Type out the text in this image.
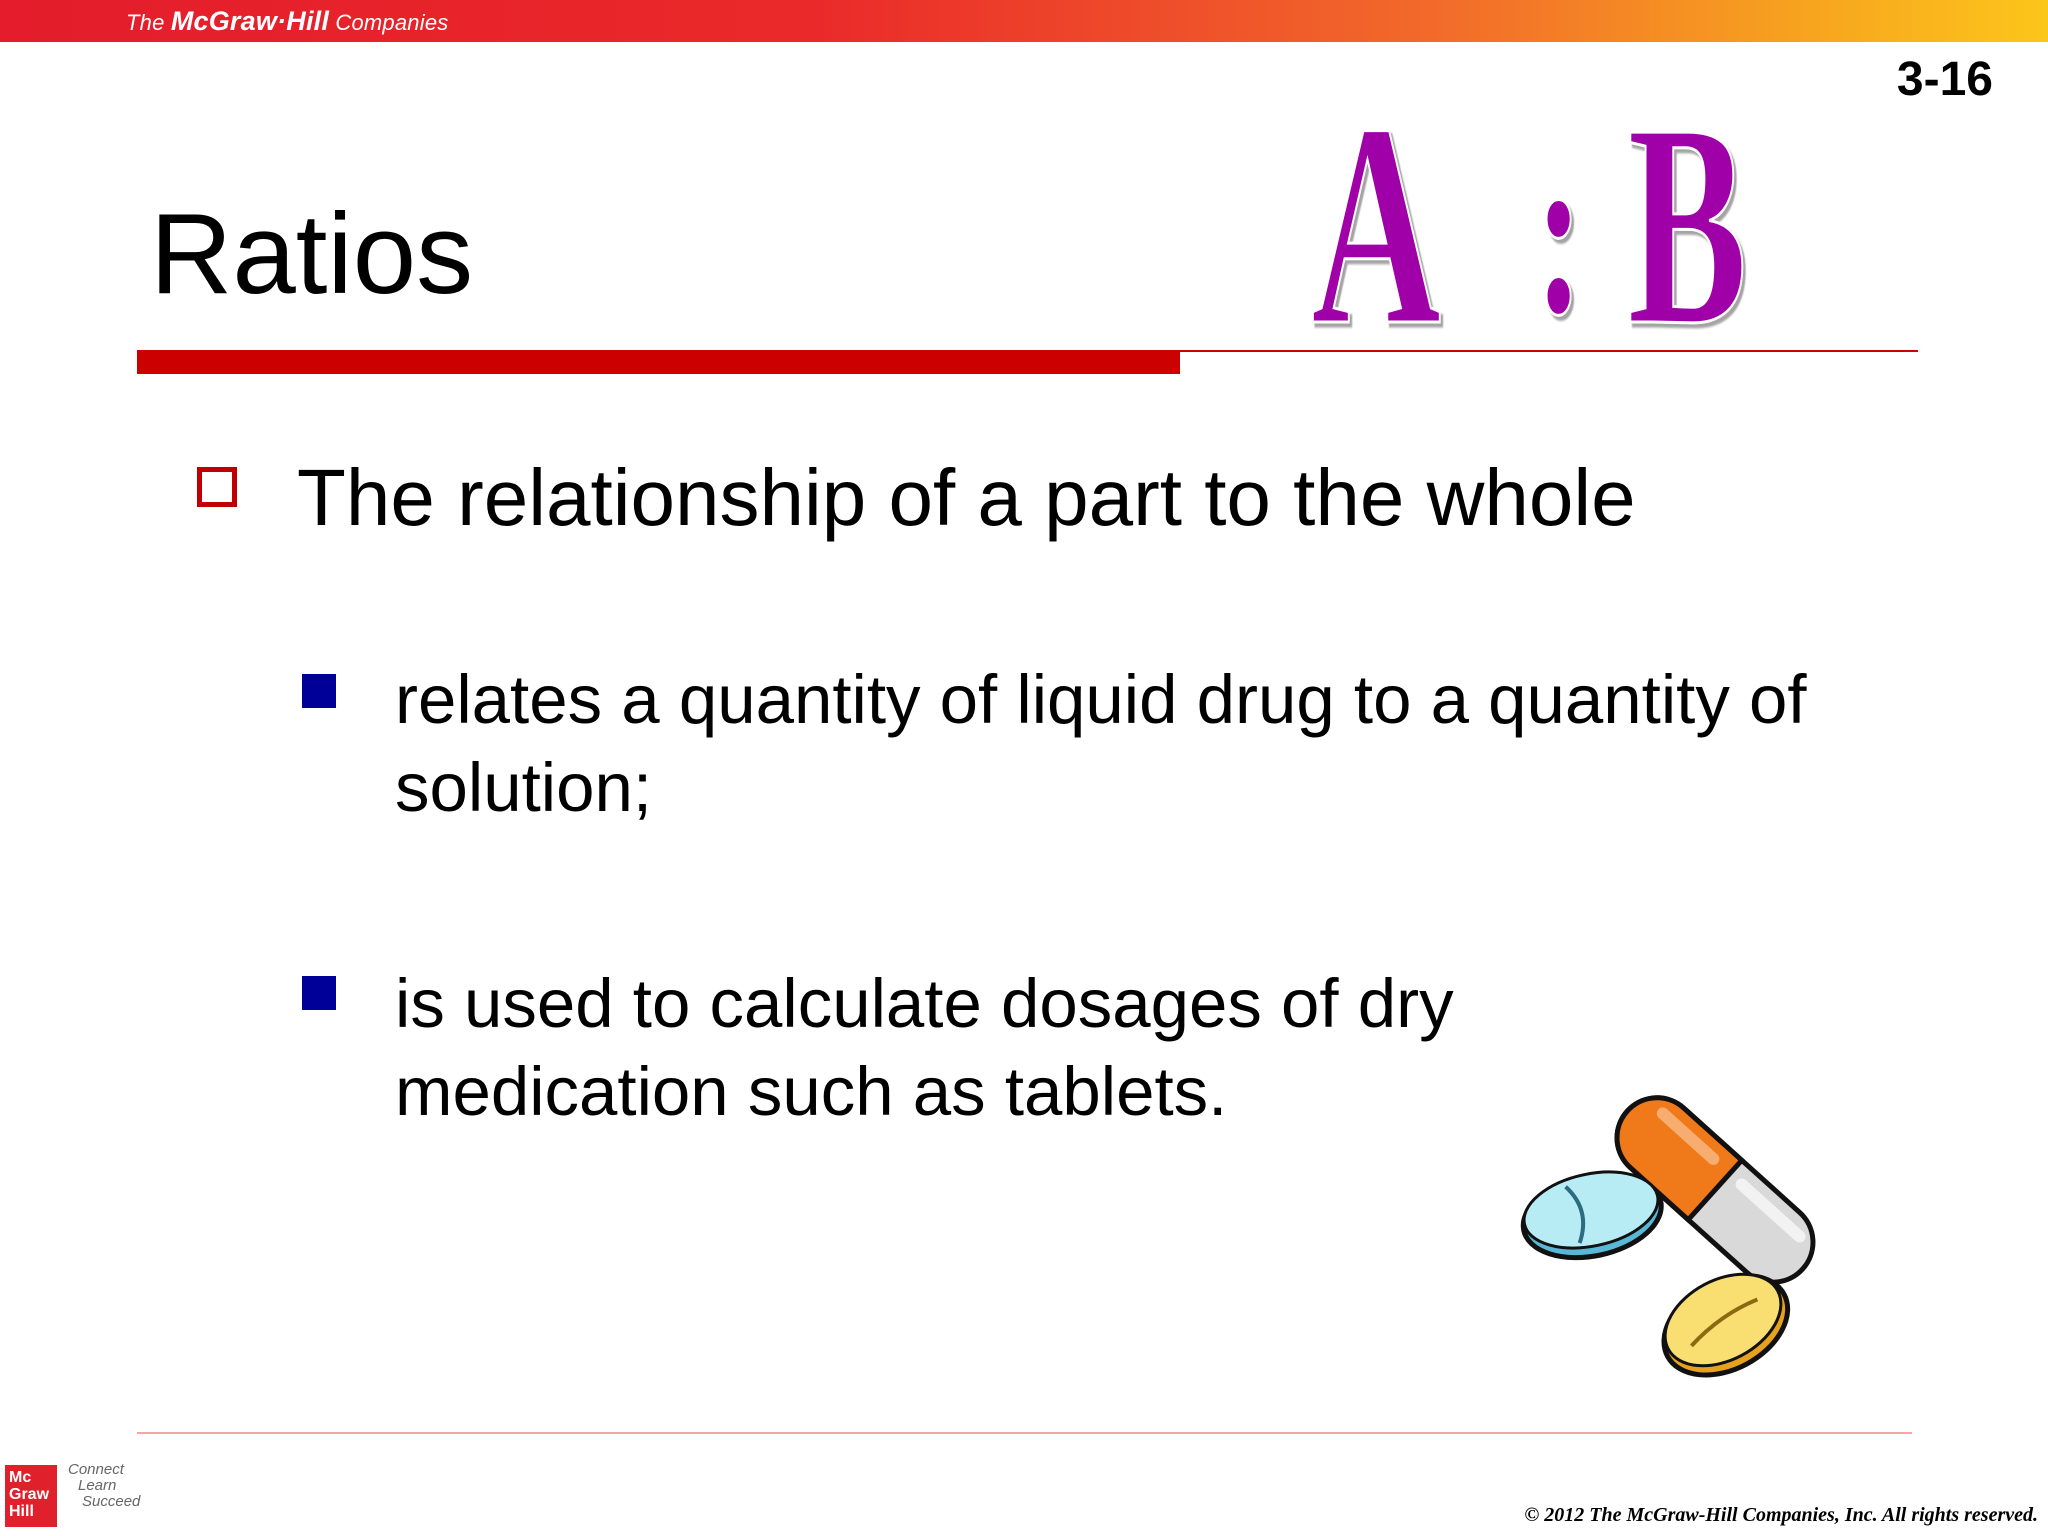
The McGraw·Hill Companies
3-16
Ratios	A : B
The relationship of a part to the whole
relates a quantity of liquid drug to a quantity of solution;
is used to calculate dosages of dry medication such as tablets.
Mc
Graw
Hill
Connect
Learn
Succeed
© 2012 The McGraw-Hill Companies, Inc. All rights reserved.
